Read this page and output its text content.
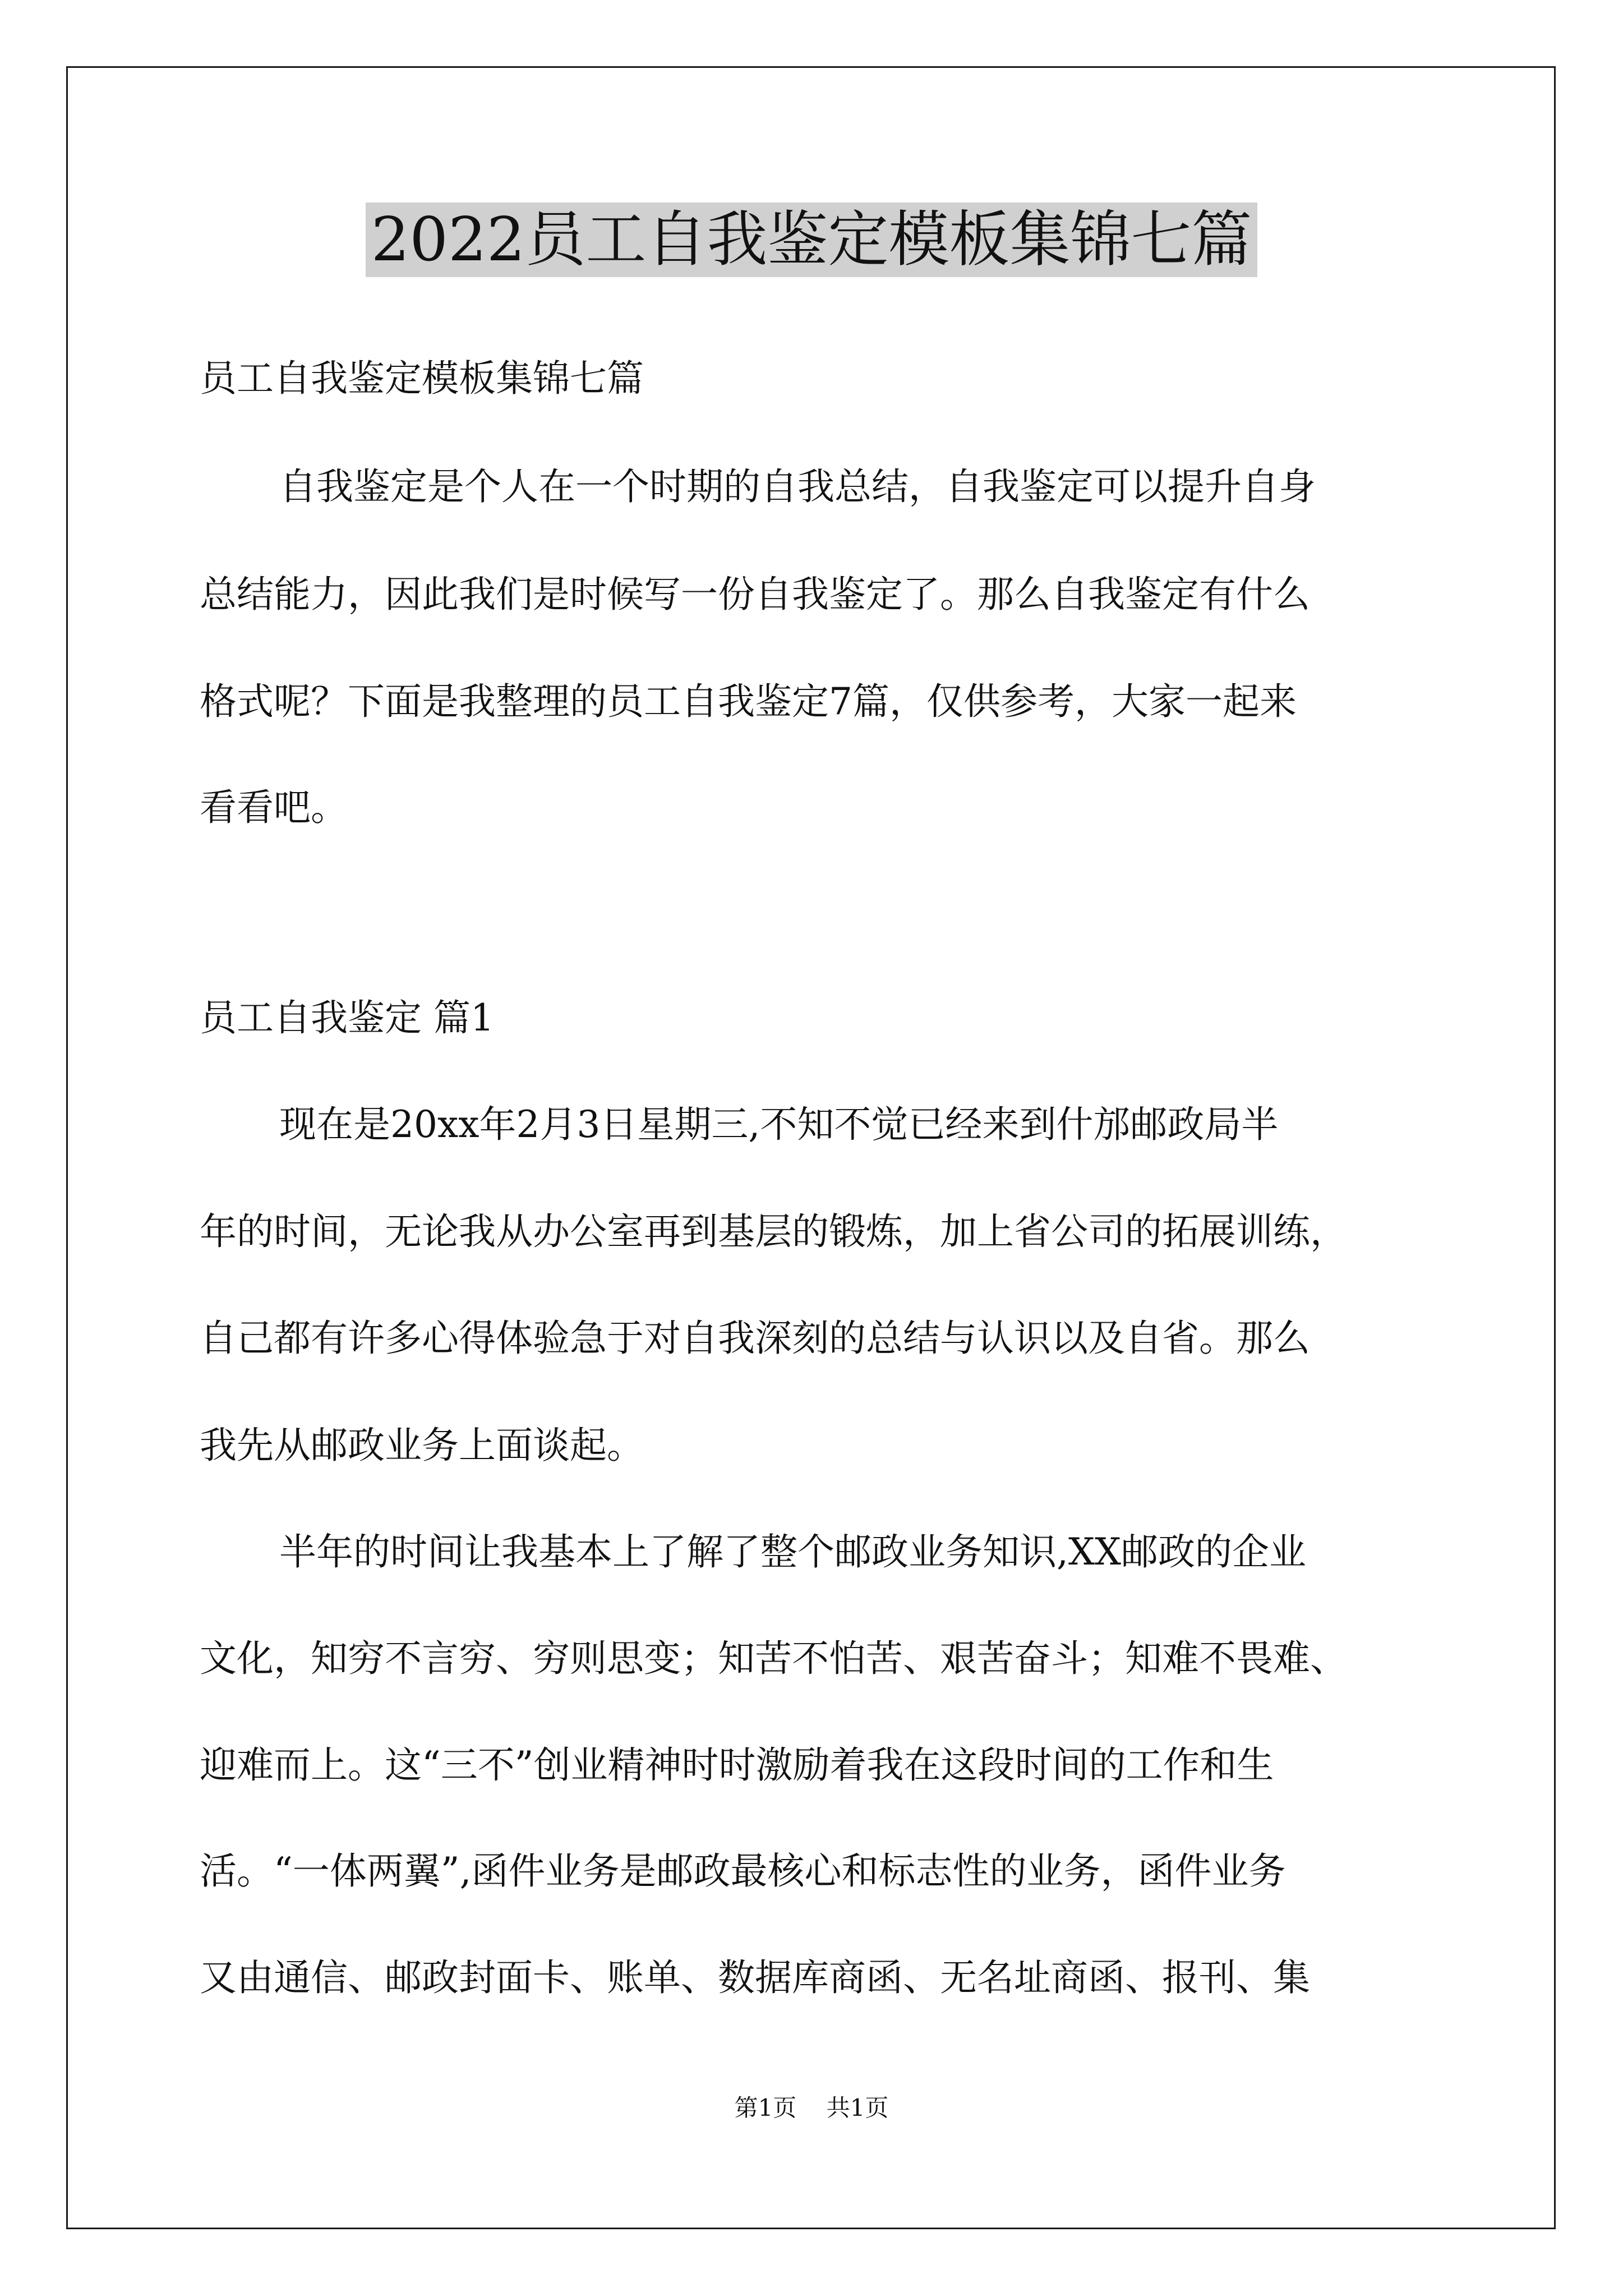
2022员工自我鉴定模板集锦七篇
员工自我鉴定模板集锦七篇
自我鉴定是个人在一个时期的自我总结，自我鉴定可以提升自身
总结能力，因此我们是时候写一份自我鉴定了。那么自我鉴定有什么
格式呢？下面是我整理的员工自我鉴定7篇，仅供参考，大家一起来
看看吧。
员工自我鉴定 篇1
现在是20xx年2月3日星期三,不知不觉已经来到什邡邮政局半
年的时间，无论我从办公室再到基层的锻炼，加上省公司的拓展训练，
自己都有许多心得体验急于对自我深刻的总结与认识以及自省。那么
我先从邮政业务上面谈起。
半年的时间让我基本上了解了整个邮政业务知识,XX邮政的企业
文化，知穷不言穷、穷则思变；知苦不怕苦、艰苦奋斗；知难不畏难、
迎难而上。这“三不”创业精神时时激励着我在这段时间的工作和生
活。“一体两翼”,函件业务是邮政最核心和标志性的业务，函件业务
又由通信、邮政封面卡、账单、数据库商函、无名址商函、报刊、集
第1页 共1页
